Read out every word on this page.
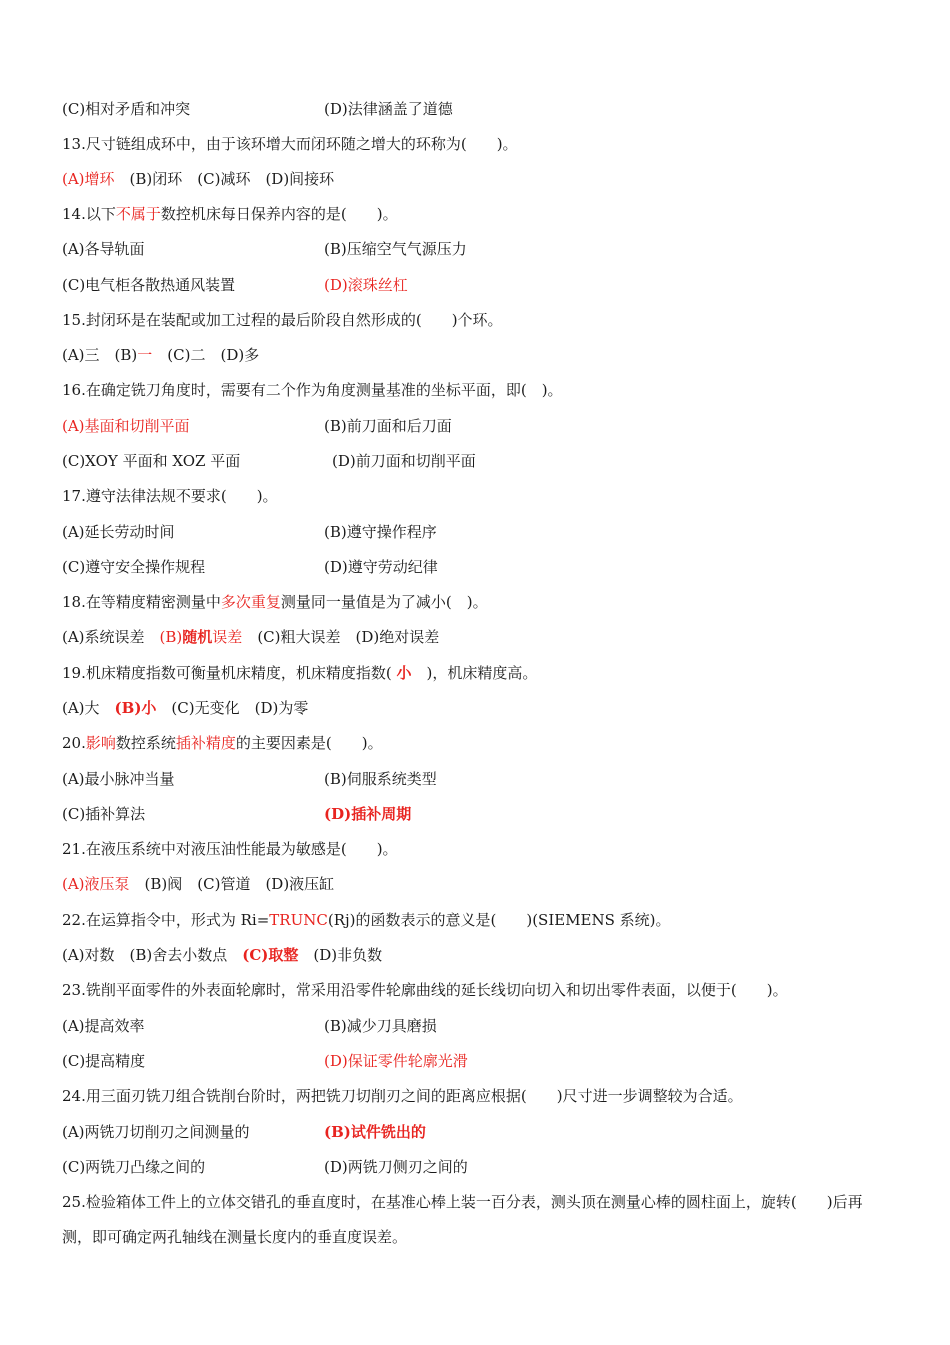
(C)相对矛盾和冲突	(D)法律涵盖了道德
13.尺寸链组成环中，由于该环增大而闭环随之增大的环称为(　　)。
(A)增环　(B)闭环　(C)减环　(D)间接环
14.以下不属于数控机床每日保养内容的是(　　)。
(A)各导轨面	(B)压缩空气气源压力
(C)电气柜各散热通风装置	(D)滚珠丝杠
15.封闭环是在装配或加工过程的最后阶段自然形成的(　　)个环。
(A)三　(B)一　(C)二　(D)多
16.在确定铣刀角度时，需要有二个作为角度测量基准的坐标平面，即(　)。
(A)基面和切削平面	(B)前刀面和后刀面
(C)XOY 平面和 XOZ 平面	(D)前刀面和切削平面
17.遵守法律法规不要求(　　)。
(A)延长劳动时间	(B)遵守操作程序
(C)遵守安全操作规程	(D)遵守劳动纪律
18.在等精度精密测量中多次重复测量同一量值是为了减小(　)。
(A)系统误差　(B)随机误差　(C)粗大误差　(D)绝对误差
19.机床精度指数可衡量机床精度，机床精度指数( 小　)，机床精度高。
(A)大　(B)小　(C)无变化　(D)为零
20.影响数控系统插补精度的主要因素是(　　)。
(A)最小脉冲当量	(B)伺服系统类型
(C)插补算法	(D)插补周期
21.在液压系统中对液压油性能最为敏感是(　　)。
(A)液压泵　(B)阀　(C)管道　(D)液压缸
22.在运算指令中，形式为 Ri=TRUNC(Rj)的函数表示的意义是(　　)(SIEMENS 系统)。
(A)对数　(B)舍去小数点　(C)取整　(D)非负数
23.铣削平面零件的外表面轮廓时，常采用沿零件轮廓曲线的延长线切向切入和切出零件表面，以便于(　　)。
(A)提高效率	(B)减少刀具磨损
(C)提高精度	(D)保证零件轮廓光滑
24.用三面刃铣刀组合铣削台阶时，两把铣刀切削刃之间的距离应根据(　　)尺寸进一步调整较为合适。
(A)两铣刀切削刃之间测量的	(B)试件铣出的
(C)两铣刀凸缘之间的	(D)两铣刀侧刃之间的
25.检验箱体工件上的立体交错孔的垂直度时，在基准心棒上装一百分表，测头顶在测量心棒的圆柱面上，旋转(　　)后再测，即可确定两孔轴线在测量长度内的垂直度误差。
